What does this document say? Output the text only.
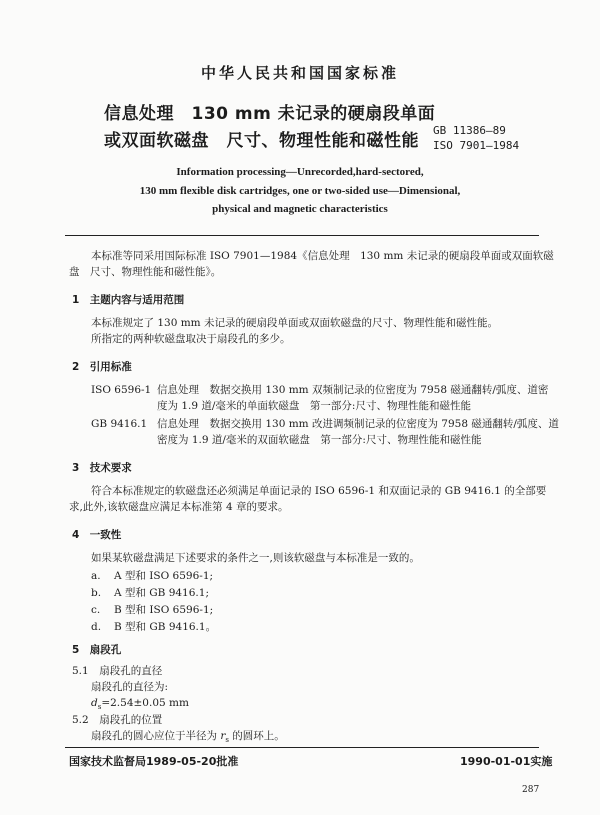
中华人民共和国国家标准
信息处理　130 mm 未记录的硬扇段单面
或双面软磁盘　尺寸、物理性能和磁性能
GB 11386—89
ISO 7901—1984
Information processing—Unrecorded,hard-sectored,
130 mm flexible disk cartridges, one or two-sided use—Dimensional,
physical and magnetic characteristics
本标准等同采用国际标准 ISO 7901—1984《信息处理　130 mm 未记录的硬扇段单面或双面软磁
盘　尺寸、物理性能和磁性能》。
1　主题内容与适用范围
本标准规定了 130 mm 未记录的硬扇段单面或双面软磁盘的尺寸、物理性能和磁性能。
所指定的两种软磁盘取决于扇段孔的多少。
2　引用标准
ISO 6596-1 信息处理　数据交换用 130 mm 双频制记录的位密度为 7958 磁通翻转/弧度、道密
度为 1.9 道/毫米的单面软磁盘　第一部分:尺寸、物理性能和磁性能
GB 9416.1 信息处理　数据交换用 130 mm 改进调频制记录的位密度为 7958 磁通翻转/弧度、道
密度为 1.9 道/毫米的双面软磁盘　第一部分:尺寸、物理性能和磁性能
3　技术要求
符合本标准规定的软磁盘还必须满足单面记录的 ISO 6596-1 和双面记录的 GB 9416.1 的全部要
求,此外,该软磁盘应满足本标准第 4 章的要求。
4　一致性
如果某软磁盘满足下述要求的条件之一,则该软磁盘与本标准是一致的。
a. A 型和 ISO 6596-1;
b. A 型和 GB 9416.1;
c. B 型和 ISO 6596-1;
d. B 型和 GB 9416.1。
5　扇段孔
5.1　扇段孔的直径
扇段孔的直径为:
$d_s=2.54\pm 0.05$ mm
5.2　扇段孔的位置
扇段孔的圆心应位于半径为 $r_s$ 的圆环上。
国家技术监督局1989-05-20批准	1990-01-01实施
287
